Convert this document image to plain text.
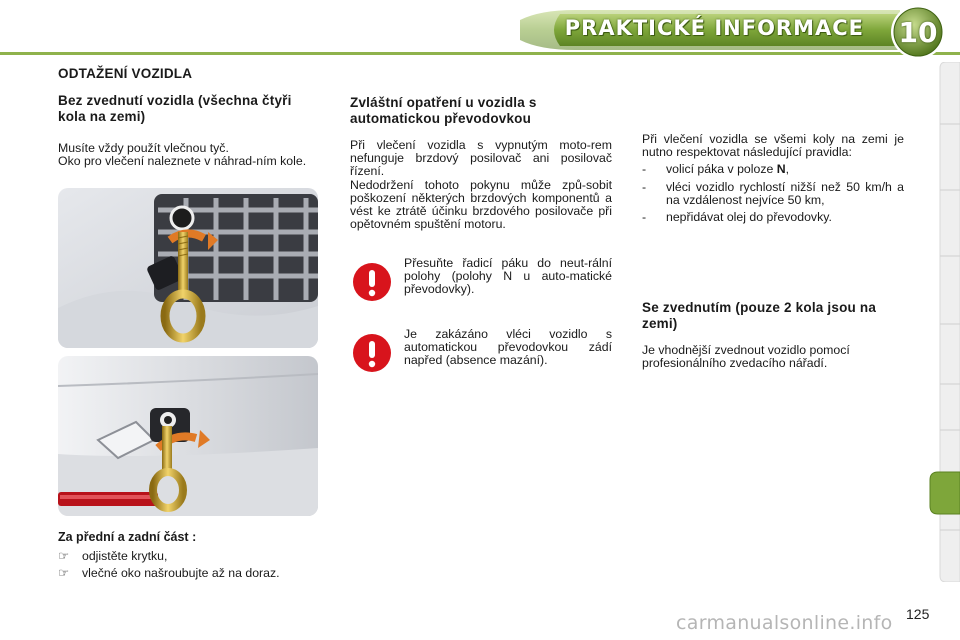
PRAKTICKÉ INFORMACE	10
ODTAŽENÍ VOZIDLA
Bez zvednutí vozidla (všechna čtyři kola na zemi)

Musíte vždy použít vlečnou tyč.

Oko pro vlečení naleznete v náhrad-ním kole.

Za přední a zadní část :
☞	odjistěte krytku,
☞	vlečné oko našroubujte až na doraz.
Zvláštní opatření u vozidla s automatickou převodovkou

Při vlečení vozidla s vypnutým moto-rem nefunguje brzdový posilovač ani posilovač řízení.

Nedodržení tohoto pokynu může způ-sobit poškození některých brzdových komponentů a vést ke ztrátě účinku brzdového posilovače při opětovném spuštění motoru.

Přesuňte řadicí páku do neut-rální polohy (polohy N u auto-matické převodovky).

Je zakázáno vléci vozidlo s automatickou převodovkou zádí napřed (absence mazání).

Při vlečení vozidla se všemi koly na zemi je nutno respektovat následující pravidla:

-	volicí páka v poloze N,
-	vléci vozidlo rychlostí nižší než 50 km/h a na vzdálenost nejvíce 50 km,
-	nepřidávat olej do převodovky.
Se zvednutím (pouze 2 kola jsou na zemi)

Je vhodnější zvednout vozidlo pomocí profesionálního zvedacího nářadí.

125
carmanualsonline.info
